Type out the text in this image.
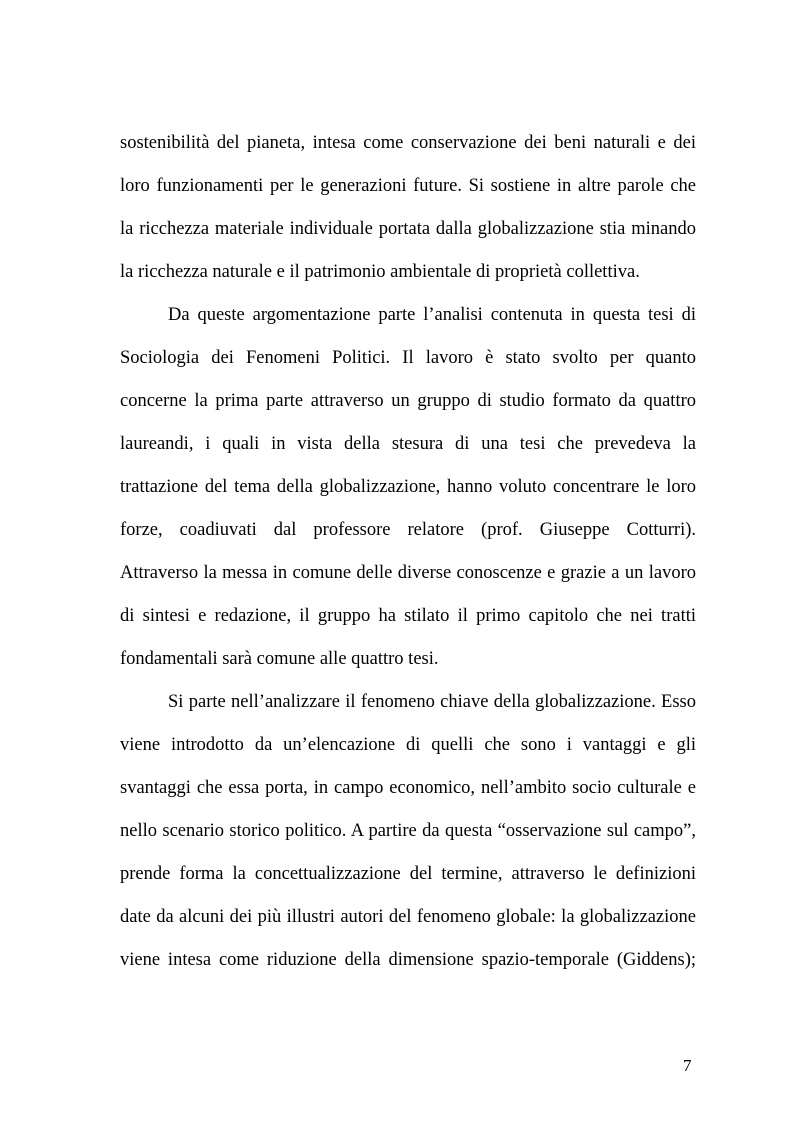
sostenibilità del pianeta, intesa come conservazione dei beni naturali e dei
loro funzionamenti per le generazioni future. Si sostiene in altre parole che
la ricchezza materiale individuale portata dalla globalizzazione stia minando
la ricchezza naturale e il patrimonio ambientale di proprietà collettiva.
Da queste argomentazione parte l’analisi contenuta in questa tesi di
Sociologia dei Fenomeni Politici. Il lavoro è stato svolto per quanto
concerne la prima parte attraverso un gruppo di studio formato da quattro
laureandi, i quali in vista della stesura di una tesi che prevedeva la
trattazione del tema della globalizzazione, hanno voluto concentrare le loro
forze, coadiuvati dal professore relatore (prof. Giuseppe Cotturri).
Attraverso la messa in comune delle diverse conoscenze e grazie a un lavoro
di sintesi e redazione, il gruppo ha stilato il primo capitolo che nei tratti
fondamentali sarà comune alle quattro tesi.
Si parte nell’analizzare il fenomeno chiave della globalizzazione. Esso
viene introdotto da un’elencazione di quelli che sono i vantaggi e gli
svantaggi che essa porta, in campo economico, nell’ambito socio culturale e
nello scenario storico politico. A partire da questa “osservazione sul campo”,
prende forma la concettualizzazione del termine, attraverso le definizioni
date da alcuni dei più illustri autori del fenomeno globale: la globalizzazione
viene intesa come riduzione della dimensione spazio-temporale (Giddens);
7
